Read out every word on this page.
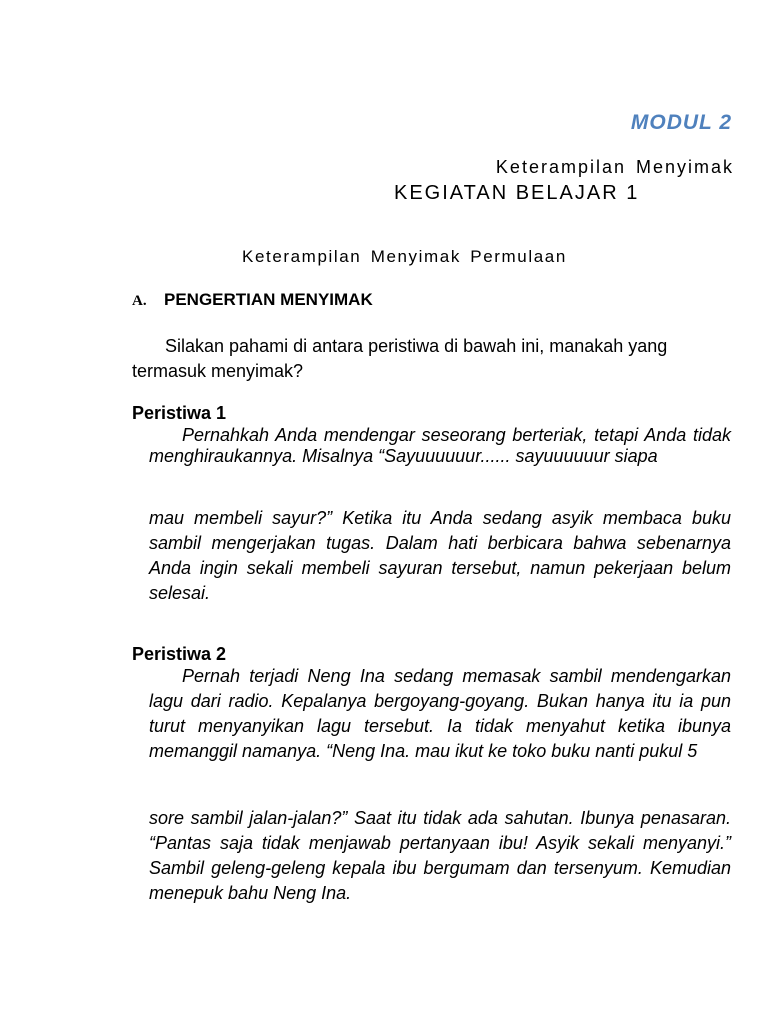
MODUL 2
Keterampilan Menyimak
KEGIATAN BELAJAR 1
Keterampilan Menyimak Permulaan
A. PENGERTIAN MENYIMAK

Silakan pahami di antara peristiwa di bawah ini, manakah yang termasuk menyimak?

Peristiwa 1
Pernahkah Anda mendengar seseorang berteriak, tetapi Anda tidak menghiraukannya. Misalnya “Sayuuuuuur...... sayuuuuuur siapa
mau membeli sayur?” Ketika itu Anda sedang asyik membaca buku sambil mengerjakan tugas. Dalam hati berbicara bahwa sebenarnya Anda ingin sekali membeli sayuran tersebut, namun pekerjaan belum selesai.
Peristiwa 2
Pernah terjadi Neng Ina sedang memasak sambil mendengarkan lagu dari radio. Kepalanya bergoyang-goyang. Bukan hanya itu ia pun turut menyanyikan lagu tersebut. Ia tidak menyahut ketika ibunya memanggil namanya. “Neng Ina. mau ikut ke toko buku nanti pukul 5
sore sambil jalan-jalan?” Saat itu tidak ada sahutan. Ibunya penasaran. “Pantas saja tidak menjawab pertanyaan ibu! Asyik sekali menyanyi.” Sambil geleng-geleng kepala ibu bergumam dan tersenyum. Kemudian menepuk bahu Neng Ina.
